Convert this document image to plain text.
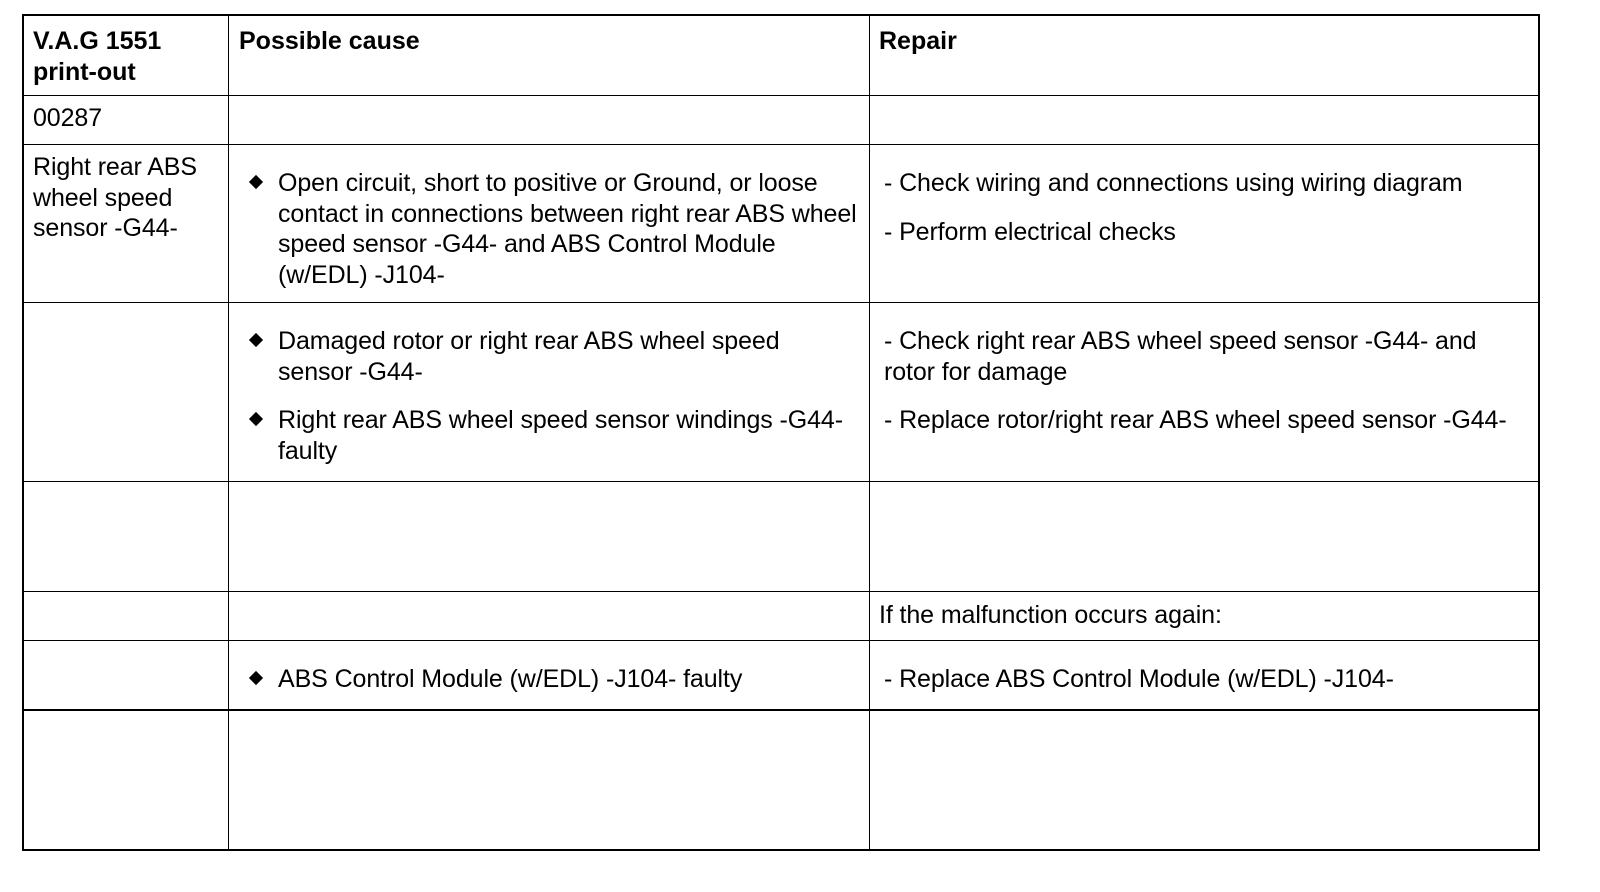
V.A.G 1551 print-out
Possible cause	Repair
00287
Right rear ABS wheel speed sensor -G44-
Open circuit, short to positive or Ground, or loose contact in connections between right rear ABS wheel speed sensor -G44- and ABS Control Module (w/EDL) -J104-
- Check wiring and connections using wiring diagram
- Perform electrical checks
Damaged rotor or right rear ABS wheel speed sensor -G44-
Right rear ABS wheel speed sensor windings -G44- faulty
- Check right rear ABS wheel speed sensor -G44- and rotor for damage
- Replace rotor/right rear ABS wheel speed sensor -G44-
If the malfunction occurs again:
ABS Control Module (w/EDL) -J104- faulty	- Replace ABS Control Module (w/EDL) -J104-
